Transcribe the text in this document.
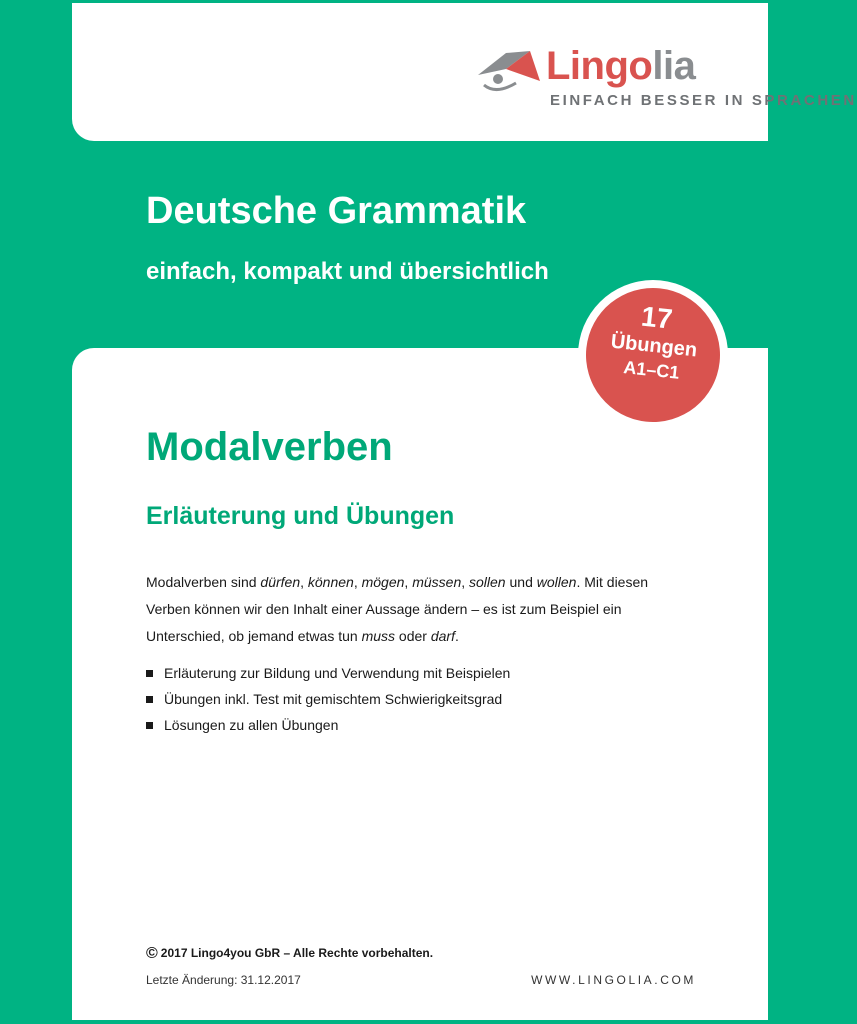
Lingolia
EINFACH BESSER IN SPRACHEN
Deutsche Grammatik
einfach, kompakt und übersichtlich
17
Übungen
A1–C1
Modalverben
Erläuterung und Übungen

Modalverben sind dürfen, können, mögen, müssen, sollen und wollen. Mit diesen Verben können wir den Inhalt einer Aussage ändern – es ist zum Beispiel ein Unterschied, ob jemand etwas tun muss oder darf.

Erläuterung zur Bildung und Verwendung mit Beispielen
Übungen inkl. Test mit gemischtem Schwierigkeitsgrad
Lösungen zu allen Übungen
© 2017 Lingo4you GbR – Alle Rechte vorbehalten.
Letzte Änderung: 31.12.2017	WWW.LINGOLIA.COM
